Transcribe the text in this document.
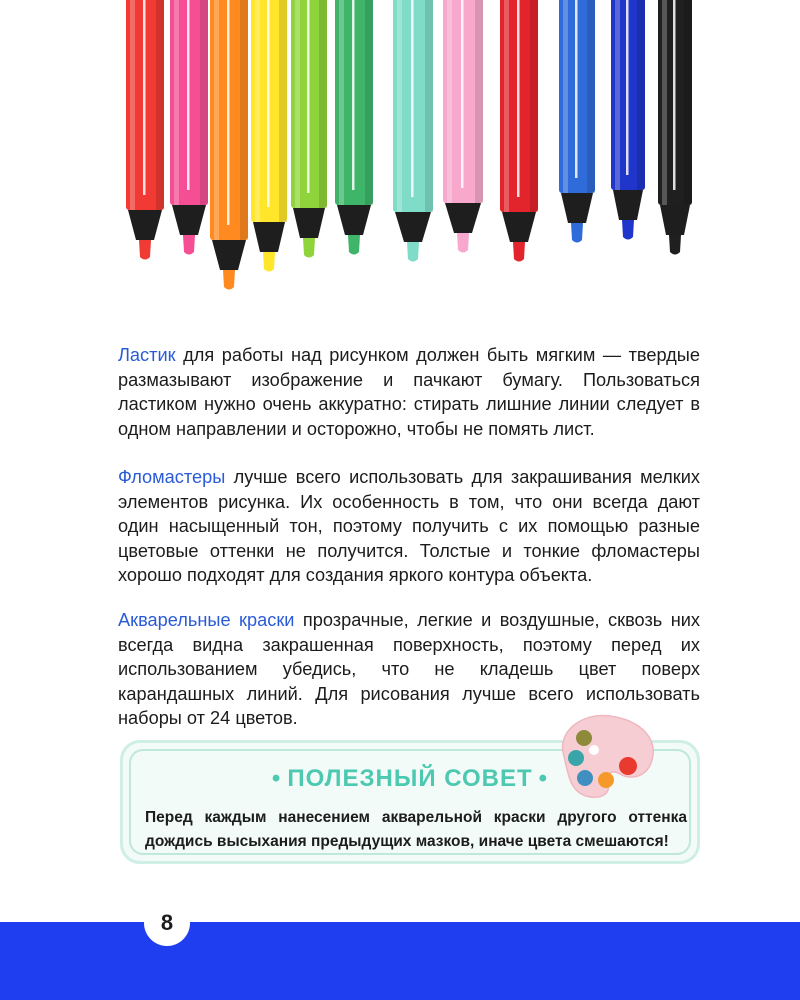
Ластик для работы над рисунком должен быть мягким — твердые размазывают изображение и пачкают бумагу. Пользоваться ластиком нужно очень аккуратно: стирать лишние линии следует в одном направлении и осторожно, чтобы не помять лист.

Фломастеры лучше всего использовать для закрашивания мелких элементов рисунка. Их особенность в том, что они всегда дают один насыщенный тон, поэтому получить с их помощью разные цветовые оттенки не получится. Толстые и тонкие фломастеры хорошо подходят для создания яркого контура объекта.

Акварельные краски прозрачные, легкие и воздушные, сквозь них всегда видна закрашенная поверхность, поэтому перед их использованием убедись, что не кладешь цвет поверх карандашных линий. Для рисования лучше всего использовать наборы от 24 цветов.

• ПОЛЕЗНЫЙ СОВЕТ •
Перед каждым нанесением акварельной краски другого оттенка дождись высыхания предыдущих мазков, иначе цвета смешаются!
8
